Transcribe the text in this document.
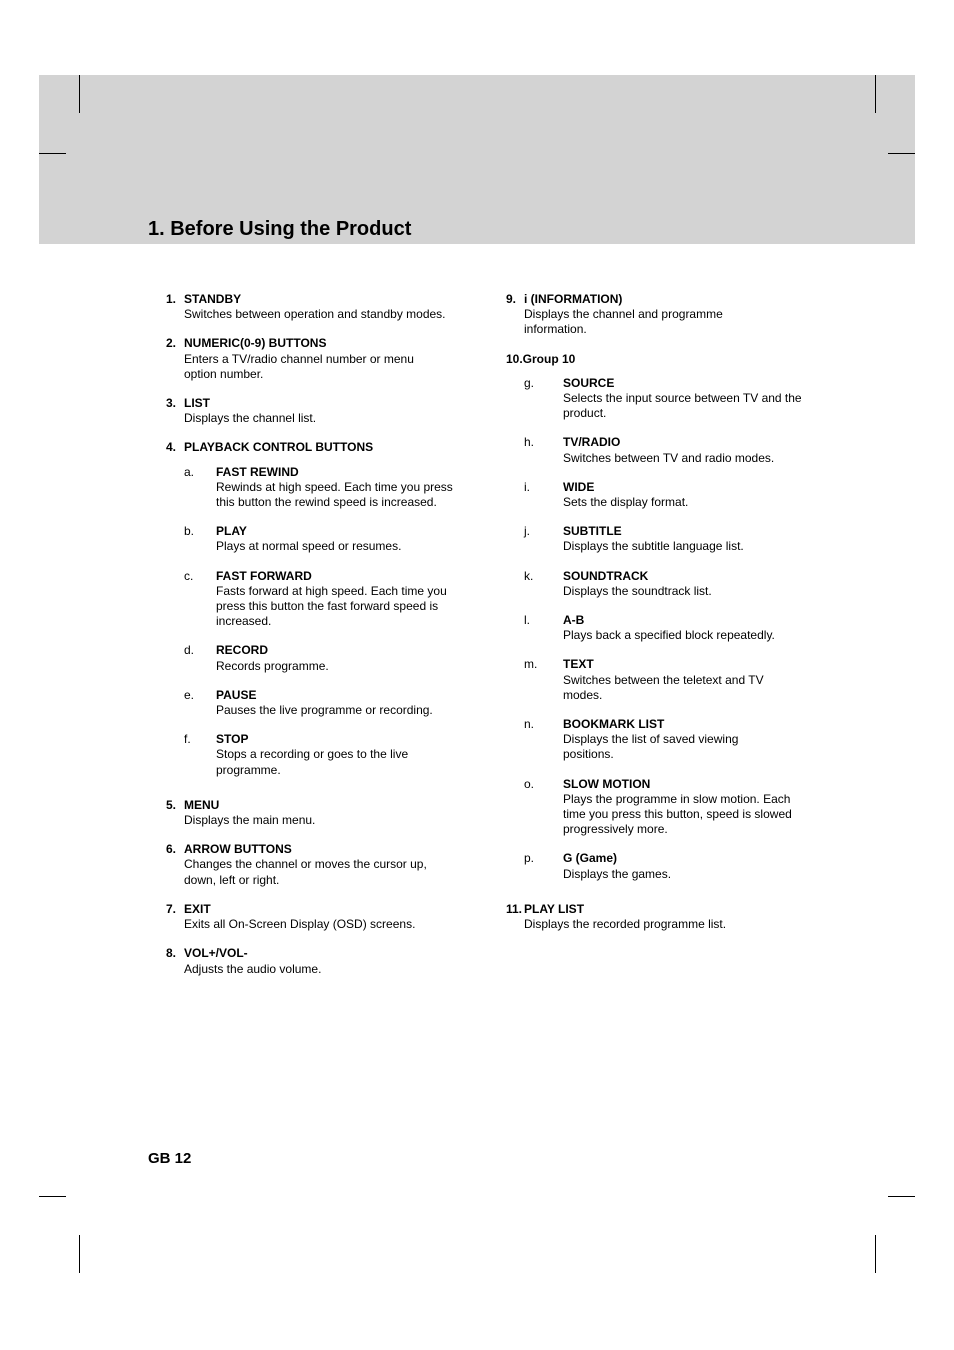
1. Before Using the Product
1. STANDBY
Switches between operation and standby modes.
2. NUMERIC(0-9) BUTTONS
Enters a TV/radio channel number or menu option number.
3. LIST
Displays the channel list.
4. PLAYBACK CONTROL BUTTONS
a. FAST REWIND
Rewinds at high speed. Each time you press this button the rewind speed is increased.
b. PLAY
Plays at normal speed or resumes.
c. FAST FORWARD
Fasts forward at high speed. Each time you press this button the fast forward speed is increased.
d. RECORD
Records programme.
e. PAUSE
Pauses the live programme or recording.
f. STOP
Stops a recording or goes to the live programme.
5. MENU
Displays the main menu.
6. ARROW BUTTONS
Changes the channel or moves the cursor up, down, left or right.
7. EXIT
Exits all On-Screen Display (OSD) screens.
8. VOL+/VOL-
Adjusts the audio volume.
9. i (INFORMATION)
Displays the channel and programme information.
10.Group 10
g. SOURCE
Selects the input source between TV and the product.
h. TV/RADIO
Switches between TV and radio modes.
i.	WIDE
Sets the display format.
j.	SUBTITLE
Displays the subtitle language list.
k. SOUNDTRACK
Displays the soundtrack list.
l.	A-B
Plays back a specified block repeatedly.
m. TEXT
Switches between the teletext and TV modes.
n. BOOKMARK LIST
Displays the list of saved viewing positions.
o. SLOW MOTION
Plays the programme in slow motion. Each time you press this button, speed is slowed progressively more.
p. G (Game)
Displays the games.
11. PLAY LIST
Displays the recorded programme list.
GB 12
